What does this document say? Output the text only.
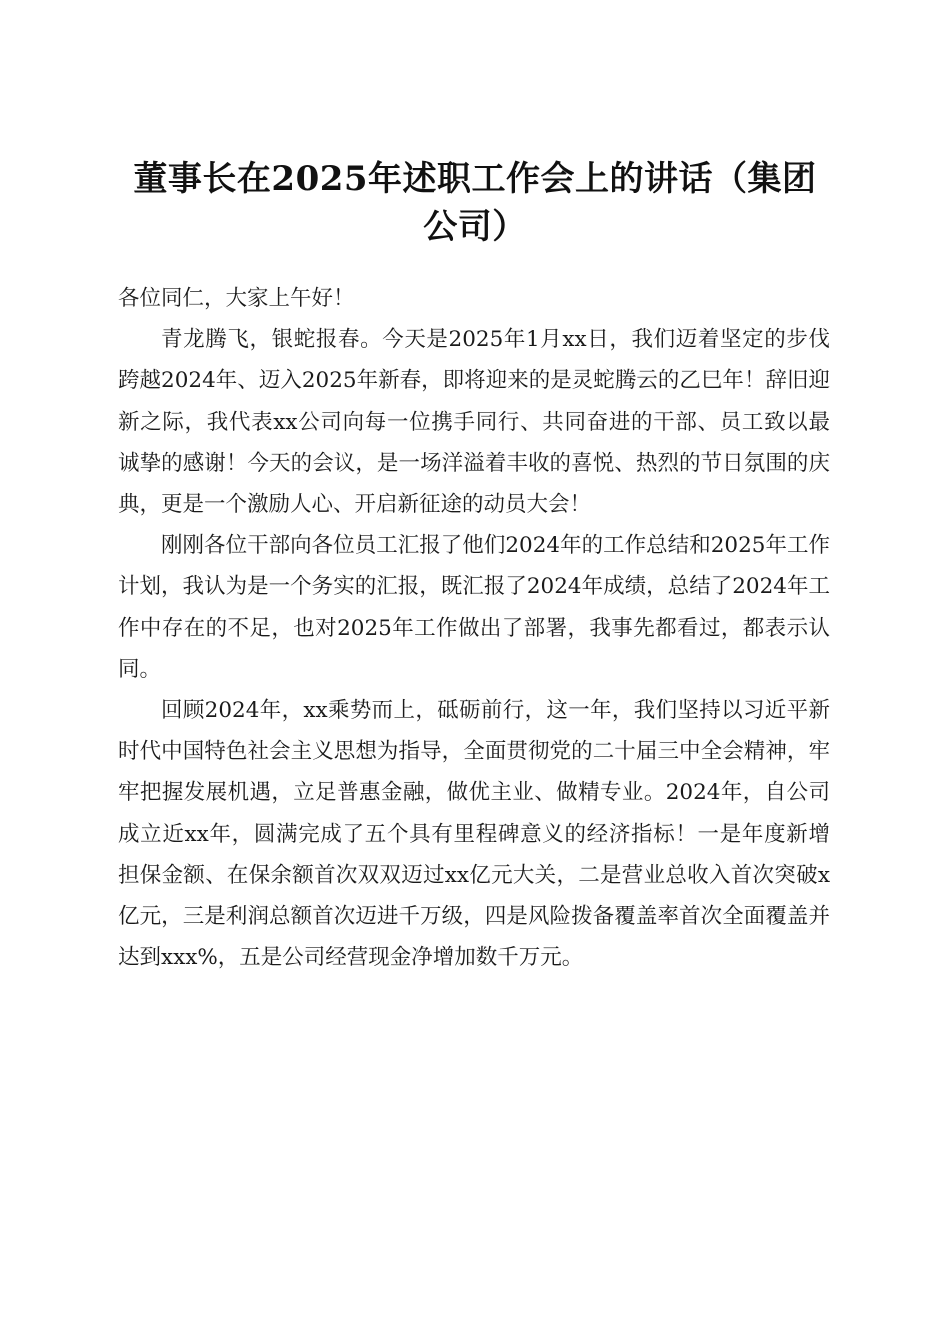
董事长在2025年述职工作会上的讲话（集团
公司）

各位同仁，大家上午好！

青龙腾飞，银蛇报春。今天是2025年1月xx日，我们迈着坚定的步伐跨越2024年、迈入2025年新春，即将迎来的是灵蛇腾云的乙巳年！辞旧迎新之际，我代表xx公司向每一位携手同行、共同奋进的干部、员工致以最诚挚的感谢！今天的会议，是一场洋溢着丰收的喜悦、热烈的节日氛围的庆典，更是一个激励人心、开启新征途的动员大会！

刚刚各位干部向各位员工汇报了他们2024年的工作总结和2025年工作计划，我认为是一个务实的汇报，既汇报了2024年成绩，总结了2024年工作中存在的不足，也对2025年工作做出了部署，我事先都看过，都表示认同。

回顾2024年，xx乘势而上，砥砺前行，这一年，我们坚持以习近平新时代中国特色社会主义思想为指导，全面贯彻党的二十届三中全会精神，牢牢把握发展机遇，立足普惠金融，做优主业、做精专业。2024年，自公司成立近xx年，圆满完成了五个具有里程碑意义的经济指标！一是年度新增担保金额、在保余额首次双双迈过xx亿元大关，二是营业总收入首次突破x亿元，三是利润总额首次迈进千万级，四是风险拨备覆盖率首次全面覆盖并达到xxx%，五是公司经营现金净增加数千万元。
